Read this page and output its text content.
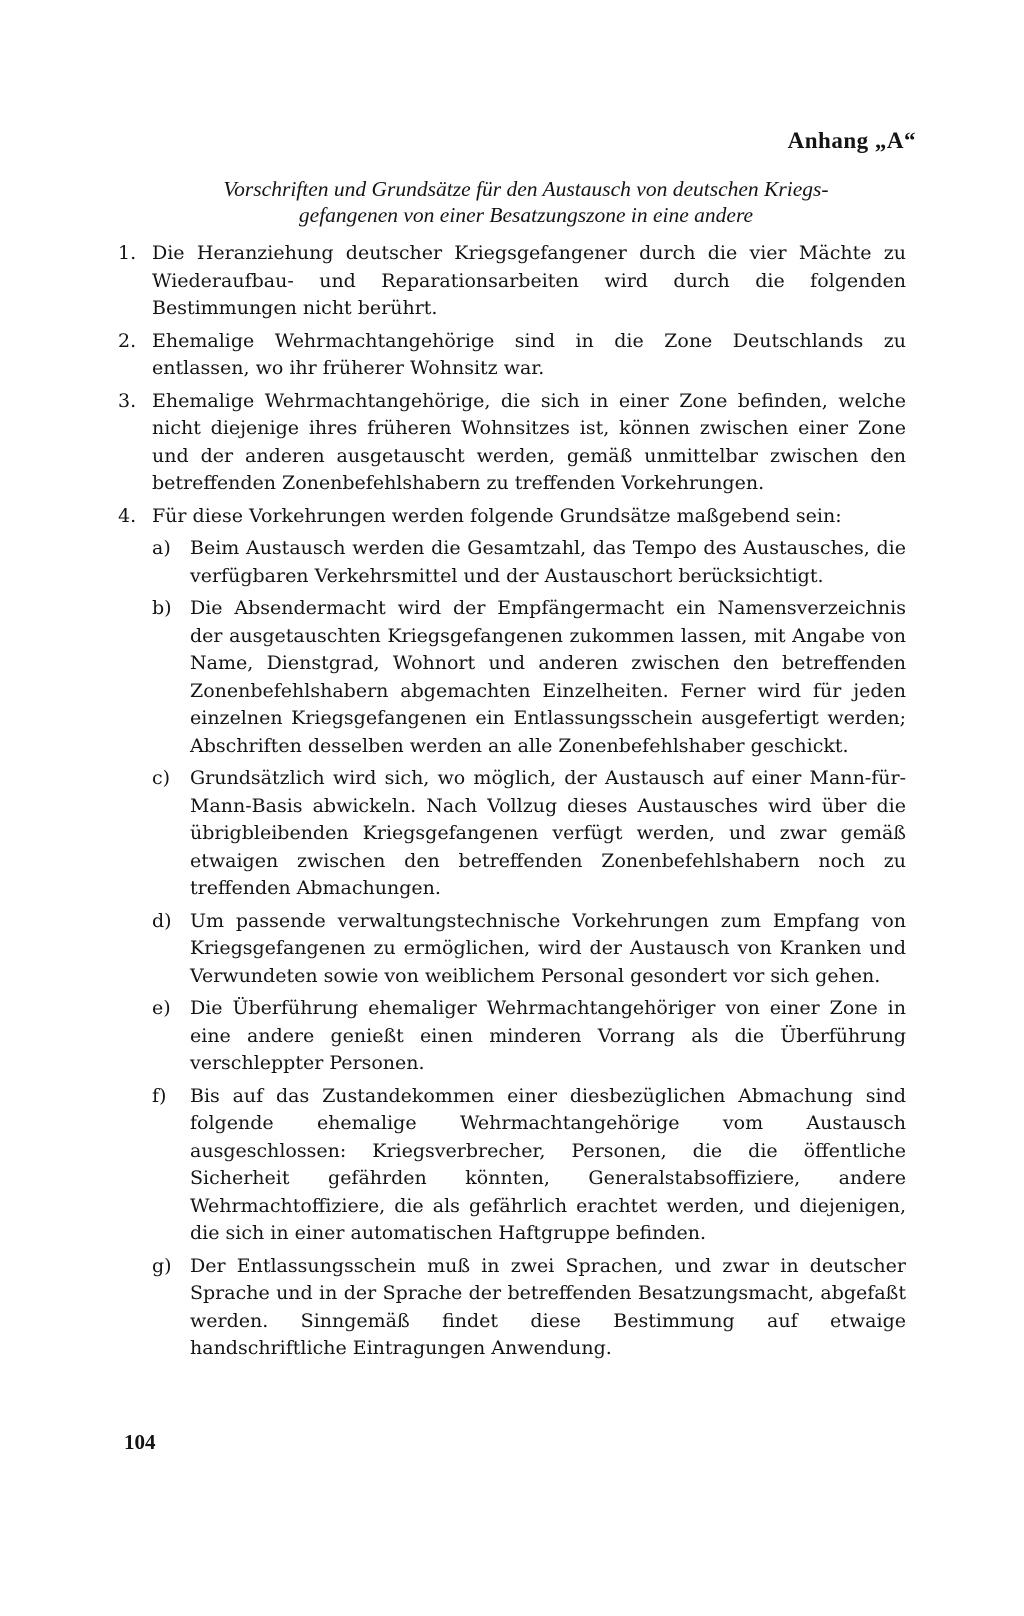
Anhang „A“
Vorschriften und Grundsätze für den Austausch von deutschen Kriegs-
gefangenen von einer Besatzungszone in eine andere
1. Die Heranziehung deutscher Kriegsgefangener durch die vier Mächte zu Wiederaufbau- und Reparationsarbeiten wird durch die folgenden Bestimmungen nicht berührt.
2. Ehemalige Wehrmachtangehörige sind in die Zone Deutschlands zu entlassen, wo ihr früherer Wohnsitz war.
3. Ehemalige Wehrmachtangehörige, die sich in einer Zone befinden, welche nicht diejenige ihres früheren Wohnsitzes ist, können zwischen einer Zone und der anderen ausgetauscht werden, gemäß unmittelbar zwischen den betreffenden Zonenbefehlshabern zu treffenden Vorkehrungen.
4. Für diese Vorkehrungen werden folgende Grundsätze maßgebend sein:
a) Beim Austausch werden die Gesamtzahl, das Tempo des Austausches, die verfügbaren Verkehrsmittel und der Austauschort berücksichtigt.
b) Die Absendermacht wird der Empfängermacht ein Namensverzeichnis der ausgetauschten Kriegsgefangenen zukommen lassen, mit Angabe von Name, Dienstgrad, Wohnort und anderen zwischen den betreffenden Zonenbefehlshabern abgemachten Einzelheiten. Ferner wird für jeden einzelnen Kriegsgefangenen ein Entlassungsschein ausgefertigt werden; Abschriften desselben werden an alle Zonenbefehlshaber geschickt.
c) Grundsätzlich wird sich, wo möglich, der Austausch auf einer Mann-für-Mann-Basis abwickeln. Nach Vollzug dieses Austausches wird über die übrigbleibenden Kriegsgefangenen verfügt werden, und zwar gemäß etwaigen zwischen den betreffenden Zonenbefehlshabern noch zu treffenden Abmachungen.
d) Um passende verwaltungstechnische Vorkehrungen zum Empfang von Kriegsgefangenen zu ermöglichen, wird der Austausch von Kranken und Verwundeten sowie von weiblichem Personal gesondert vor sich gehen.
e) Die Überführung ehemaliger Wehrmachtangehöriger von einer Zone in eine andere genießt einen minderen Vorrang als die Überführung verschleppter Personen.
f) Bis auf das Zustandekommen einer diesbezüglichen Abmachung sind folgende ehemalige Wehrmachtangehörige vom Austausch ausgeschlossen: Kriegsverbrecher, Personen, die die öffentliche Sicherheit gefährden könnten, Generalstabsoffiziere, andere Wehrmachtoffiziere, die als gefährlich erachtet werden, und diejenigen, die sich in einer automatischen Haftgruppe befinden.
g) Der Entlassungsschein muß in zwei Sprachen, und zwar in deutscher Sprache und in der Sprache der betreffenden Besatzungsmacht, abgefaßt werden. Sinngemäß findet diese Bestimmung auf etwaige handschriftliche Eintragungen Anwendung.
104
